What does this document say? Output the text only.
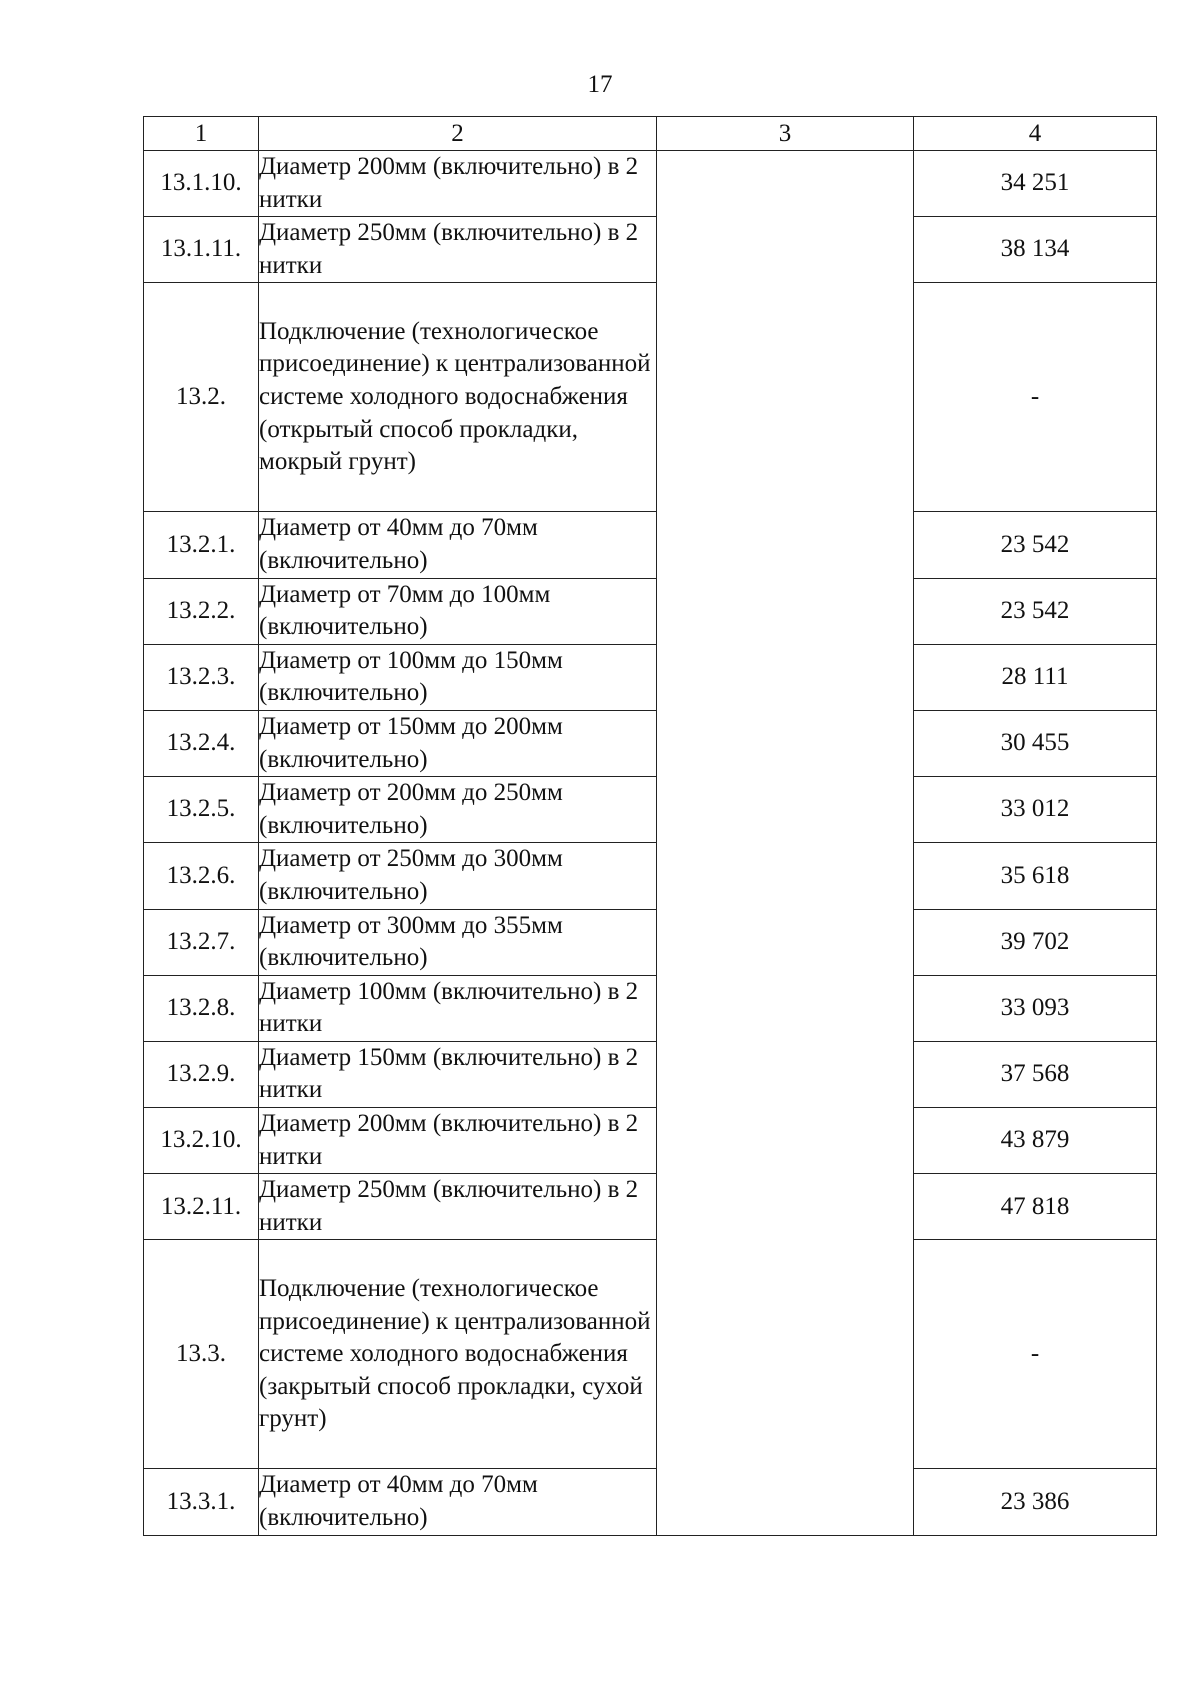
17
1	2	3	4
13.1.10.	Диаметр 200мм (включительно) в 2 нитки		34 251
13.1.11.	Диаметр 250мм (включительно) в 2 нитки		38 134
13.2.	Подключение (технологическое присоединение) к централизованной системе холодного водоснабжения (открытый способ прокладки, мокрый грунт)		-
13.2.1.	Диаметр от 40мм до 70мм (включительно)		23 542
13.2.2.	Диаметр от 70мм до 100мм (включительно)		23 542
13.2.3.	Диаметр от 100мм до 150мм (включительно)		28 111
13.2.4.	Диаметр от 150мм до 200мм (включительно)		30 455
13.2.5.	Диаметр от 200мм до 250мм (включительно)		33 012
13.2.6.	Диаметр от 250мм до 300мм (включительно)		35 618
13.2.7.	Диаметр от 300мм до 355мм (включительно)		39 702
13.2.8.	Диаметр 100мм (включительно) в 2 нитки		33 093
13.2.9.	Диаметр 150мм (включительно) в 2 нитки		37 568
13.2.10.	Диаметр 200мм (включительно) в 2 нитки		43 879
13.2.11.	Диаметр 250мм (включительно) в 2 нитки		47 818
13.3.	Подключение (технологическое присоединение) к централизованной системе холодного водоснабжения (закрытый способ прокладки, сухой грунт)		-
13.3.1.	Диаметр от 40мм до 70мм (включительно)		23 386
